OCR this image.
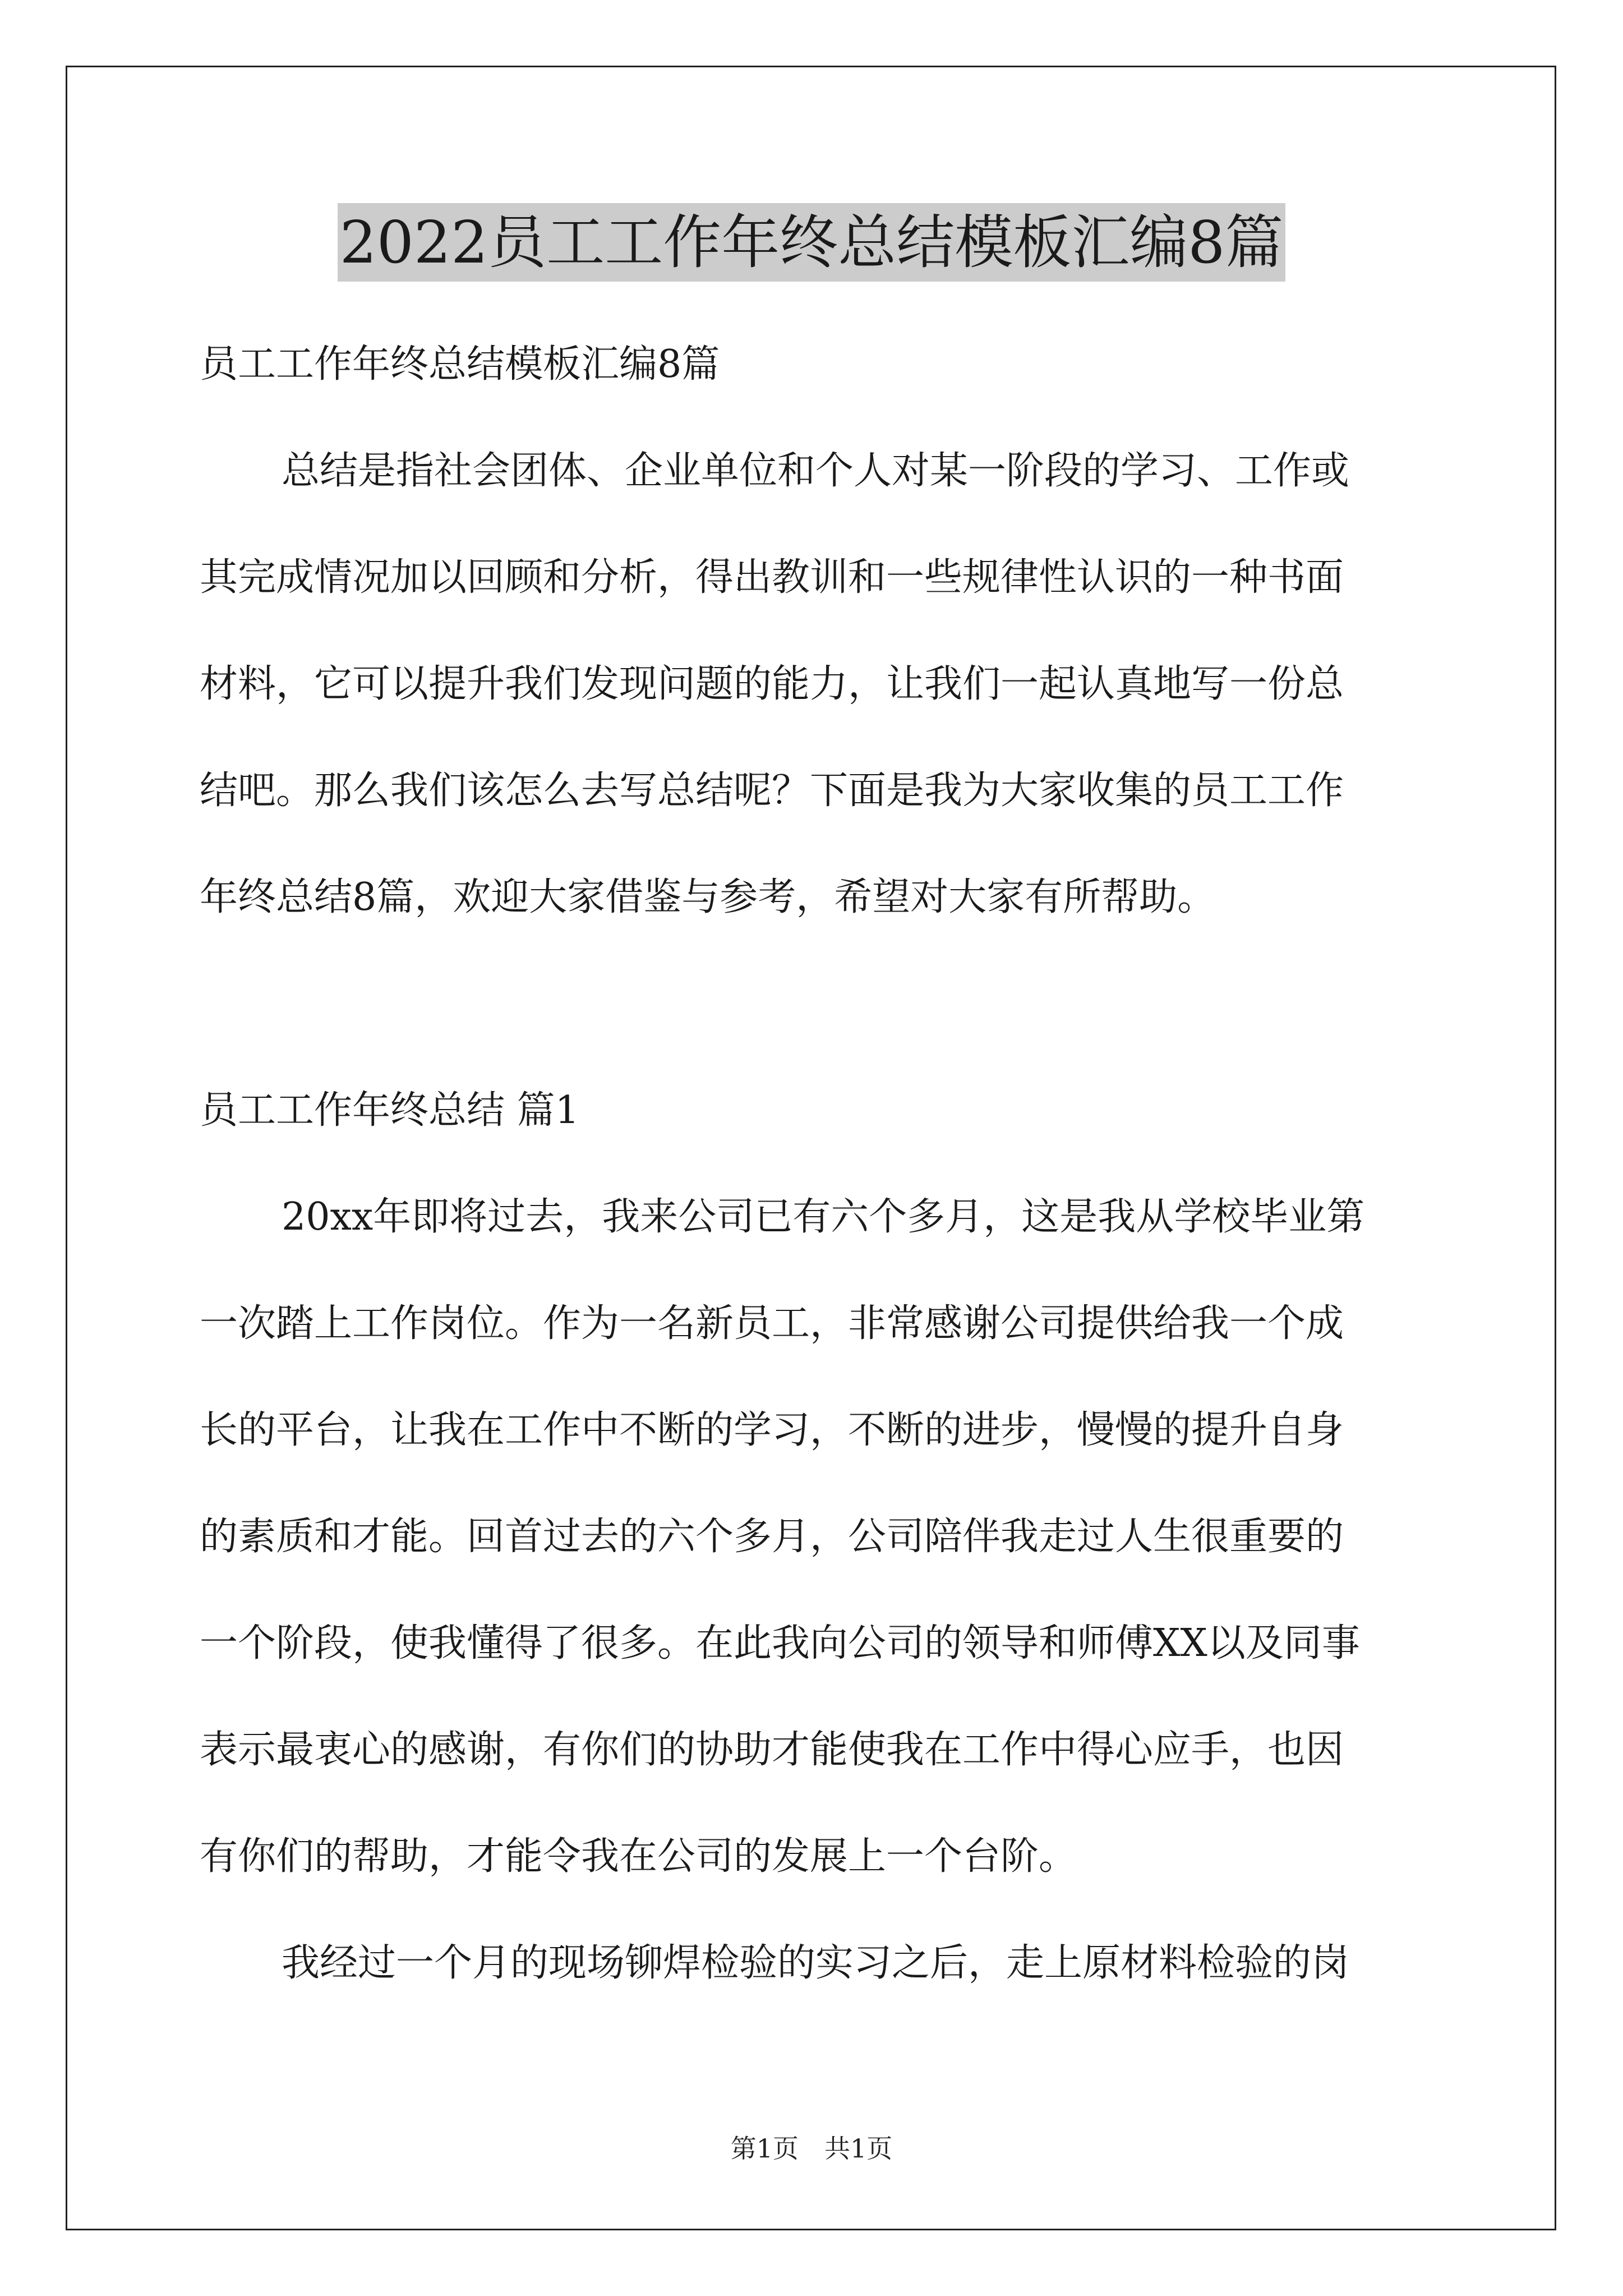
2022员工工作年终总结模板汇编8篇

员工工作年终总结模板汇编8篇

总结是指社会团体、企业单位和个人对某一阶段的学习、工作或

其完成情况加以回顾和分析，得出教训和一些规律性认识的一种书面

材料，它可以提升我们发现问题的能力，让我们一起认真地写一份总

结吧。那么我们该怎么去写总结呢？下面是我为大家收集的员工工作

年终总结8篇，欢迎大家借鉴与参考，希望对大家有所帮助。

员工工作年终总结 篇1

20xx年即将过去，我来公司已有六个多月，这是我从学校毕业第

一次踏上工作岗位。作为一名新员工，非常感谢公司提供给我一个成

长的平台，让我在工作中不断的学习，不断的进步，慢慢的提升自身

的素质和才能。回首过去的六个多月，公司陪伴我走过人生很重要的

一个阶段，使我懂得了很多。在此我向公司的领导和师傅XX以及同事

表示最衷心的感谢，有你们的协助才能使我在工作中得心应手，也因

有你们的帮助，才能令我在公司的发展上一个台阶。

我经过一个月的现场铆焊检验的实习之后，走上原材料检验的岗

第1页　共1页
